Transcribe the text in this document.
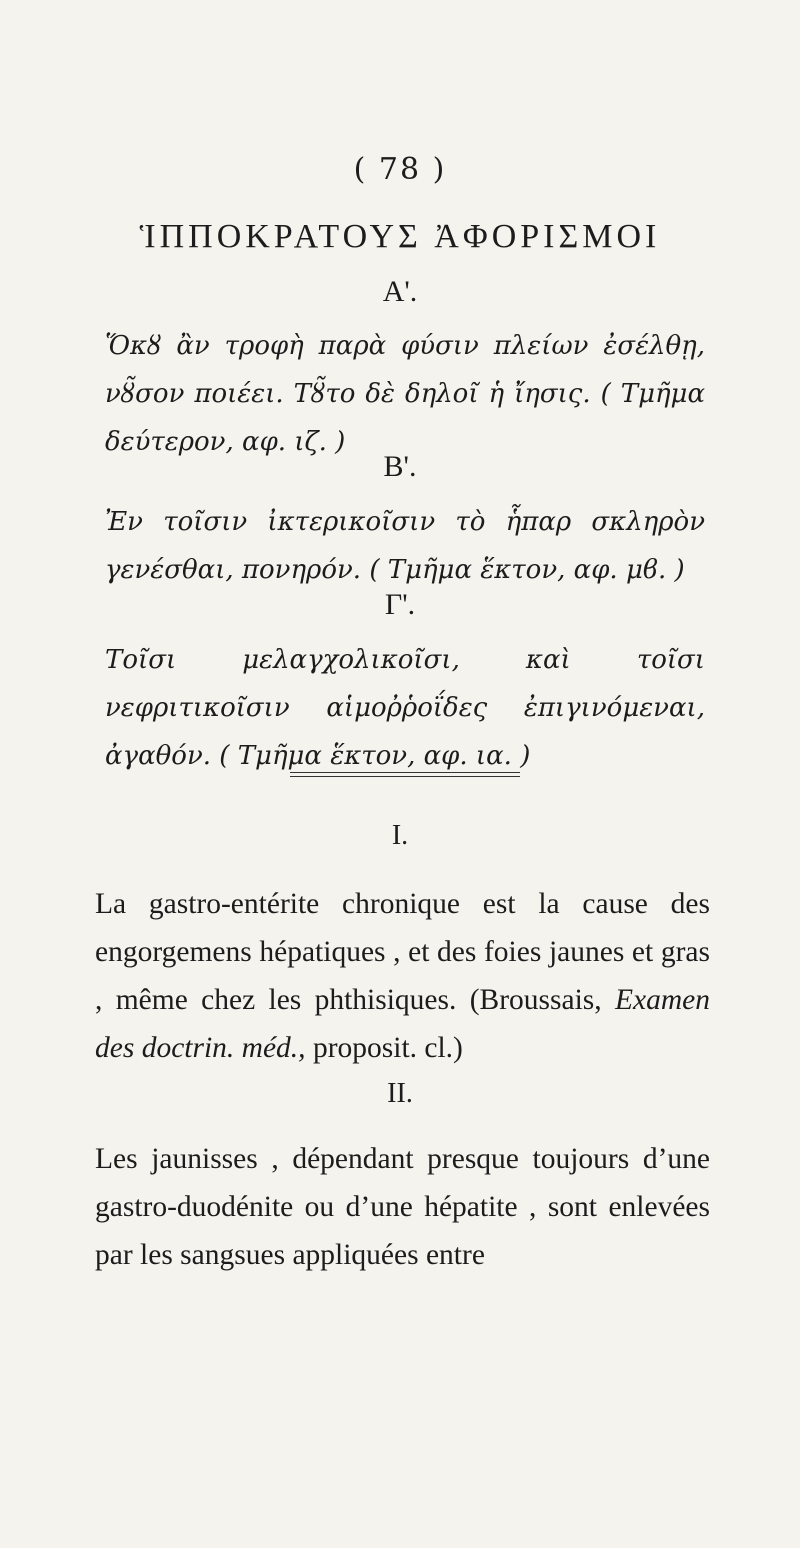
( 78 )
ἹΠΠΟΚΡΑΤΟΥΣ ἈΦΟΡΙΣΜΟΙ
Α'.
Ὅκȣ ἂν τροφὴ παρὰ φύσιν πλείων ἐσέλθῃ, νȣ̃σον ποιέει. Τȣ̃το δὲ δηλοῖ ἡ ἴησις. ( Τμῆμα δεύτερον, αφ. ιζ. )
Β'.
Ἐν τοῖσιν ἰκτερικοῖσιν τὸ ἧπαρ σκληρὸν γενέσθαι, πονηρόν. ( Τμῆμα ἕκτον, αφ. μϐ. )
Γ'.
Τοῖσι μελαγχολικοῖσι, καὶ τοῖσι νεφριτικοῖσιν αἱμοῤῥοΐδες ἐπιγινόμεναι, ἀγαθόν. ( Τμῆμα ἕκτον, αφ. ια. )
I.
La gastro-entérite chronique est la cause des engorgemens hépatiques , et des foies jaunes et gras , même chez les phthisiques. (Broussais, Examen des doctrin. méd., proposit. cl.)
II.
Les jaunisses , dépendant presque toujours d’une gastro-duodénite ou d’une hépatite , sont enlevées par les sangsues appliquées entre
